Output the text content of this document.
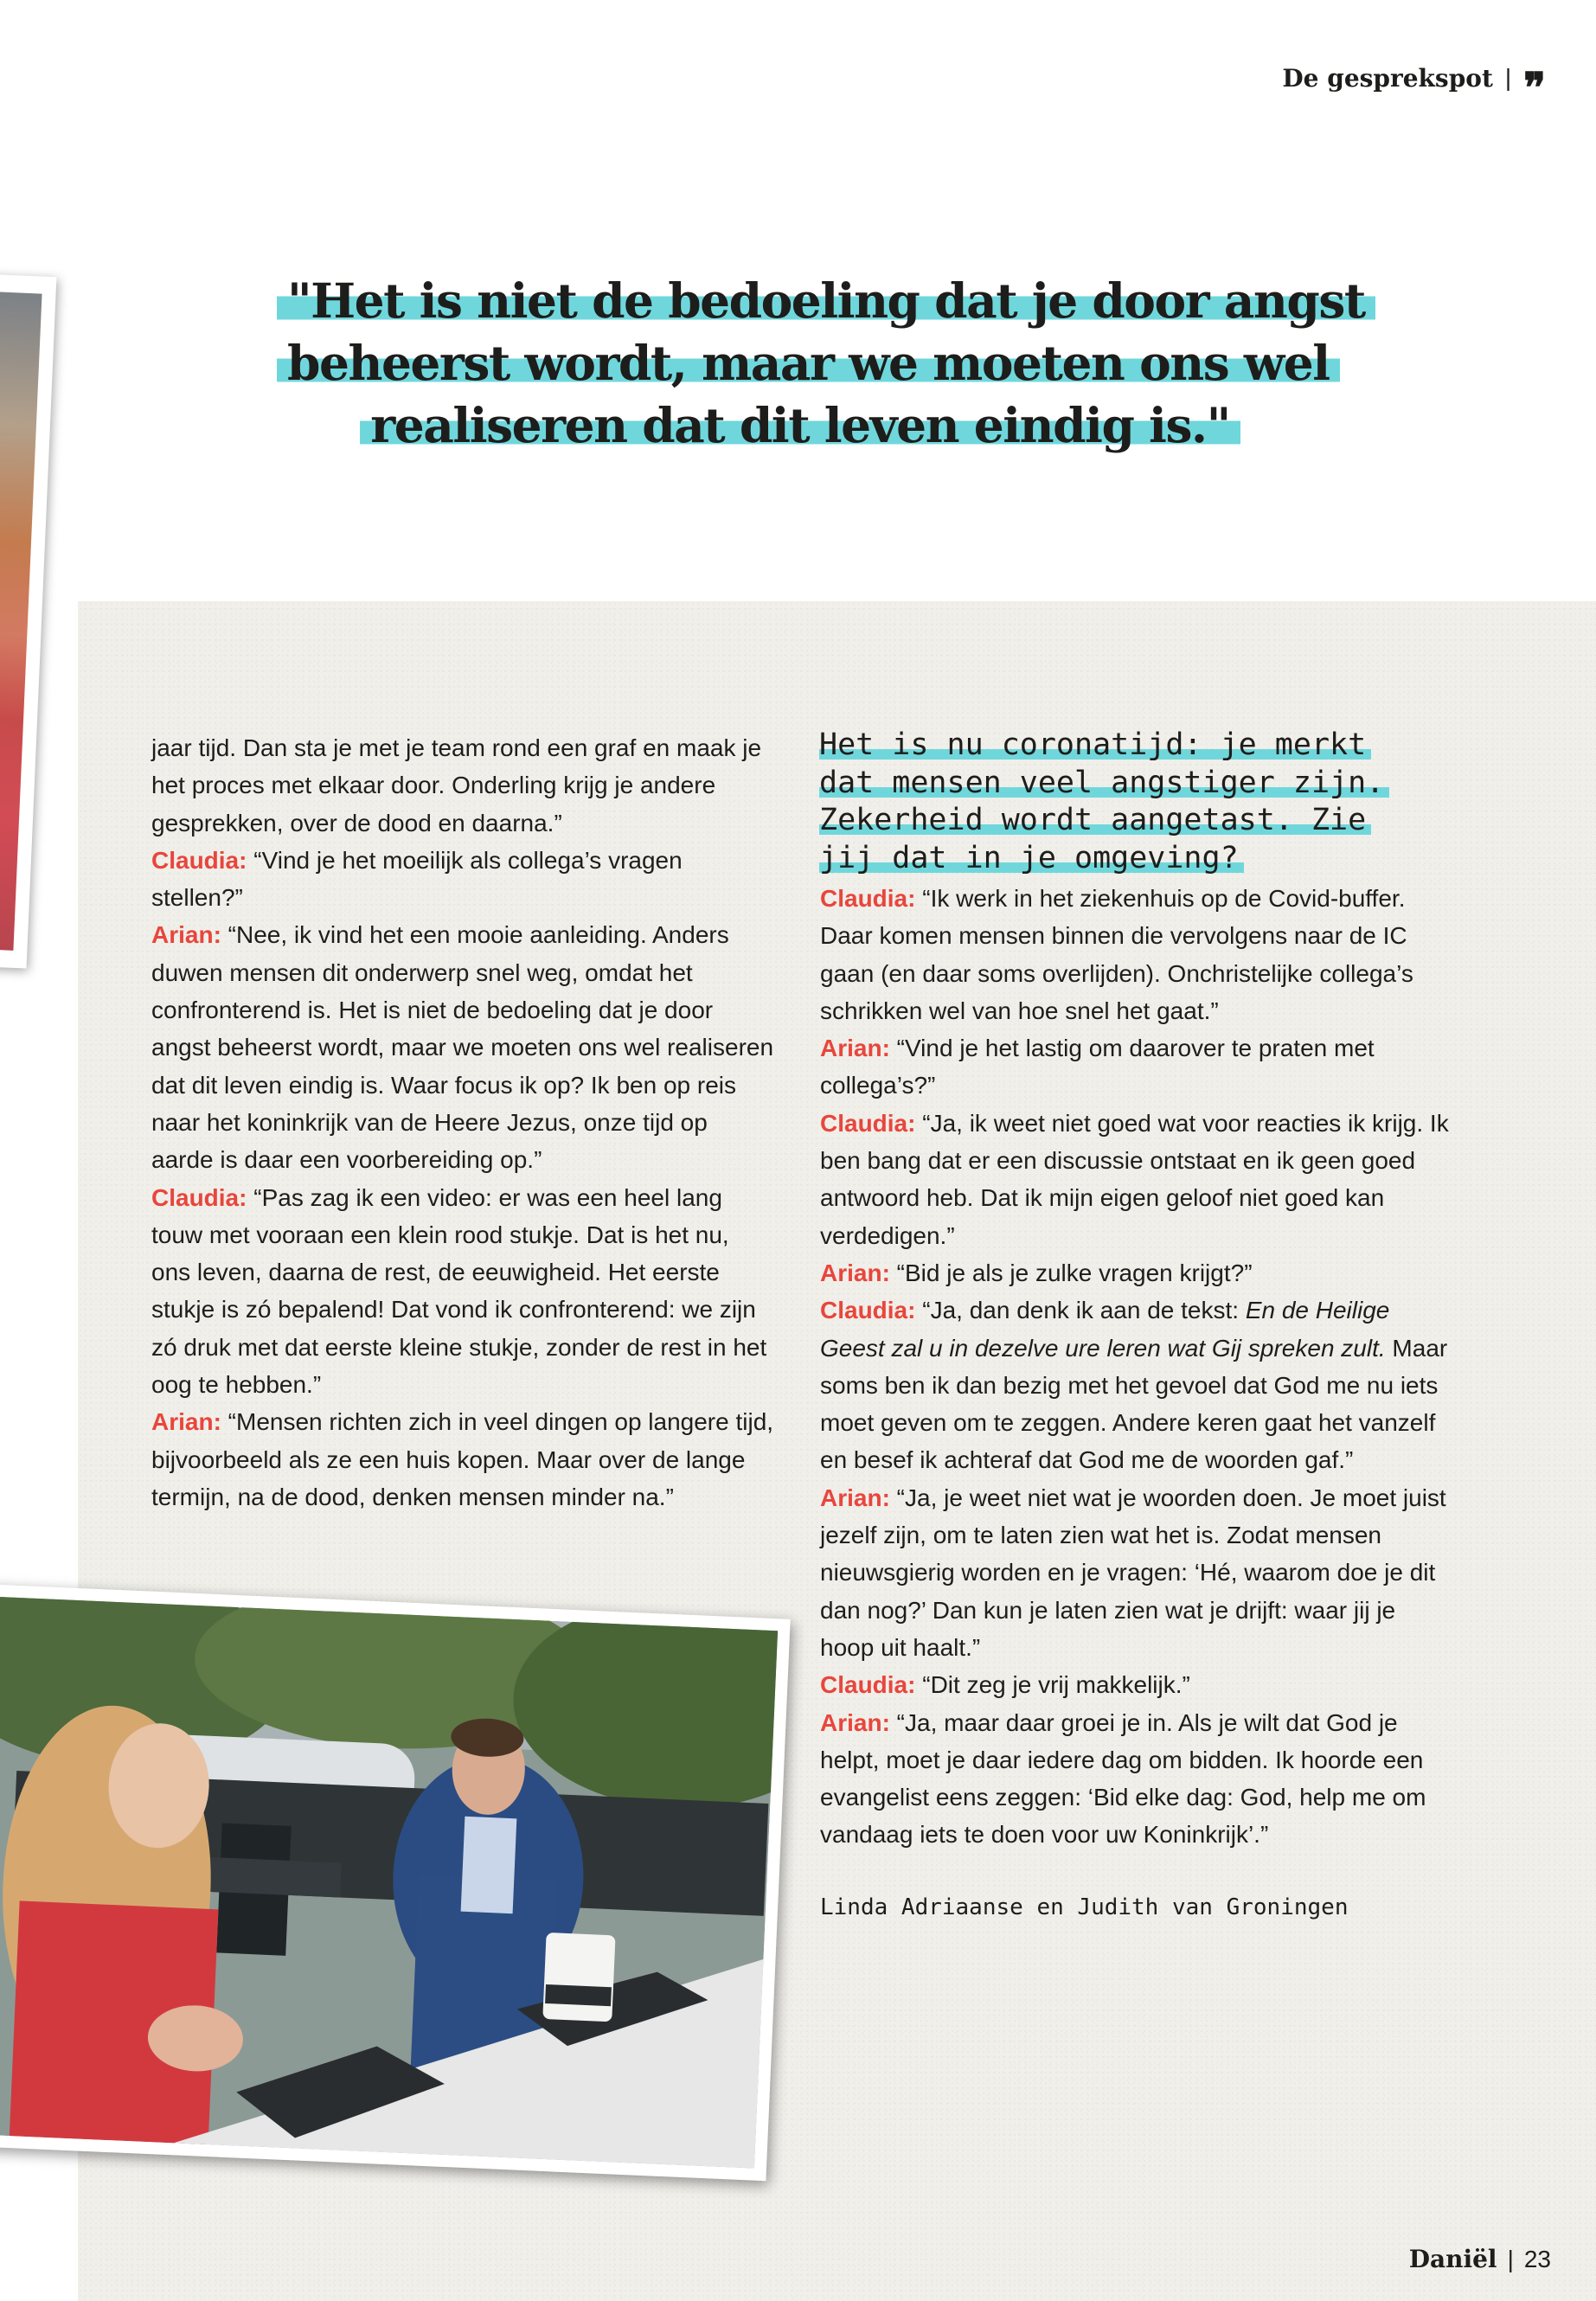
De gesprekspot | ❞
"Het is niet de bedoeling dat je door angst
beheerst wordt, maar we moeten ons wel
realiseren dat dit leven eindig is."

jaar tijd. Dan sta je met je team rond een graf en maak je het proces met elkaar door. Onderling krijg je andere gesprekken, over de dood en daarna.”

Claudia: “Vind je het moeilijk als collega’s vragen stellen?”

Arian: “Nee, ik vind het een mooie aanleiding. Anders duwen mensen dit onderwerp snel weg, omdat het confronterend is. Het is niet de bedoeling dat je door angst beheerst wordt, maar we moeten ons wel realiseren dat dit leven eindig is. Waar focus ik op? Ik ben op reis naar het koninkrijk van de Heere Jezus, onze tijd op aarde is daar een voorbereiding op.”

Claudia: “Pas zag ik een video: er was een heel lang touw met vooraan een klein rood stukje. Dat is het nu, ons leven, daarna de rest, de eeuwigheid. Het eerste stukje is zó bepalend! Dat vond ik confronterend: we zijn zó druk met dat eerste kleine stukje, zonder de rest in het oog te hebben.”

Arian: “Mensen richten zich in veel dingen op langere tijd, bijvoorbeeld als ze een huis kopen. Maar over de lange termijn, na de dood, denken mensen minder na.”

Het is nu coronatijd: je merkt
dat mensen veel angstiger zijn.
Zekerheid wordt aangetast. Zie
jij dat in je omgeving?

Claudia: “Ik werk in het ziekenhuis op de Covid-buffer. Daar komen mensen binnen die vervolgens naar de IC gaan (en daar soms overlijden). Onchristelijke collega’s schrikken wel van hoe snel het gaat.”

Arian: “Vind je het lastig om daarover te praten met collega’s?”

Claudia: “Ja, ik weet niet goed wat voor reacties ik krijg. Ik ben bang dat er een discussie ontstaat en ik geen goed antwoord heb. Dat ik mijn eigen geloof niet goed kan verdedigen.”

Arian: “Bid je als je zulke vragen krijgt?”

Claudia: “Ja, dan denk ik aan de tekst: En de Heilige Geest zal u in dezelve ure leren wat Gij spreken zult. Maar soms ben ik dan bezig met het gevoel dat God me nu iets moet geven om te zeggen. Andere keren gaat het vanzelf en besef ik achteraf dat God me de woorden gaf.”

Arian: “Ja, je weet niet wat je woorden doen. Je moet juist jezelf zijn, om te laten zien wat het is. Zodat mensen nieuwsgierig worden en je vragen: ‘Hé, waarom doe je dit dan nog?’ Dan kun je laten zien wat je drijft: waar jij je hoop uit haalt.”

Claudia: “Dit zeg je vrij makkelijk.”

Arian: “Ja, maar daar groei je in. Als je wilt dat God je helpt, moet je daar iedere dag om bidden. Ik hoorde een evangelist eens zeggen: ‘Bid elke dag: God, help me om vandaag iets te doen voor uw Koninkrijk’.”

Linda Adriaanse en Judith van Groningen
Daniël | 23
